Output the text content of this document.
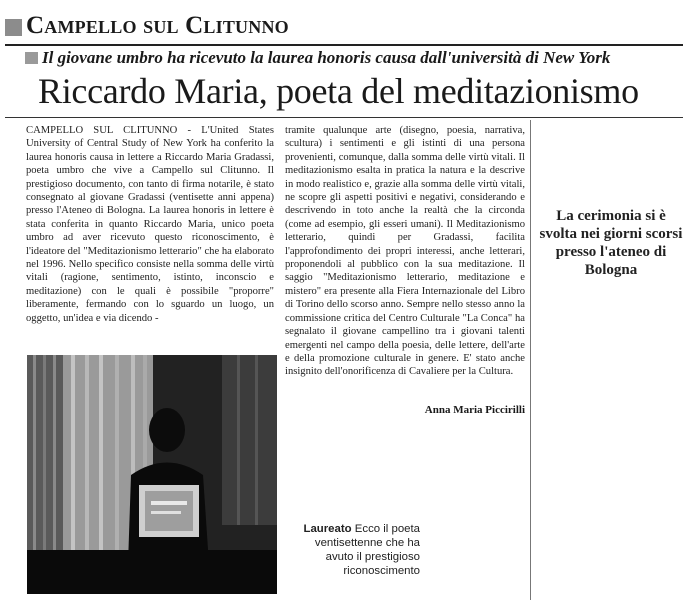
Campello sul Clitunno
Il giovane umbro ha ricevuto la laurea honoris causa dall'università di New York
Riccardo Maria, poeta del meditazionismo
CAMPELLO SUL CLITUNNO - L'United States University of Central Study of New York ha conferito la laurea honoris causa in lettere a Riccardo Maria Gradassi, poeta umbro che vive a Campello sul Clitunno. Il prestigioso documento, con tanto di firma notarile, è stato consegnato al giovane Gradassi (ventisette anni appena) presso l'Ateneo di Bologna. La laurea honoris in lettere è stata conferita in quanto Riccardo Maria, unico poeta umbro ad aver ricevuto questo riconoscimento, è l'ideatore del "Meditazionismo letterario" che ha elaborato nel 1996. Nello specifico consiste nella somma delle virtù vitali (ragione, sentimento, istinto, inconscio e meditazione) con le quali è possibile "proporre" liberamente, fermando con lo sguardo un luogo, un oggetto, un'idea e via dicendo -
tramite qualunque arte (disegno, poesia, narrativa, scultura) i sentimenti e gli istinti di una persona provenienti, comunque, dalla somma delle virtù vitali. Il meditazionismo esalta in pratica la natura e la descrive in modo realistico e, grazie alla somma delle virtù vitali, ne scopre gli aspetti positivi e negativi, considerando e descrivendo in toto anche la realtà che la circonda (come ad esempio, gli esseri umani). Il Meditazionismo letterario, quindi per Gradassi, facilita l'approfondimento dei propri interessi, anche letterari, proponendoli al pubblico con la sua meditazione. Il saggio "Meditazionismo letterario, meditazione e mistero" era presente alla Fiera Internazionale del Libro di Torino dello scorso anno. Sempre nello stesso anno la commissione critica del Centro Culturale "La Conca" ha segnalato il giovane campellino tra i giovani talenti emergenti nel campo della poesia, delle lettere, dell'arte e della promozione culturale in genere. E' stato anche insignito dell'onorificenza di Cavaliere per la Cultura.
Anna Maria Piccirilli
La cerimonia si è svolta nei giorni scorsi presso l'ateneo di Bologna
Laureato Ecco il poeta ventisettenne che ha avuto il prestigioso riconoscimento
